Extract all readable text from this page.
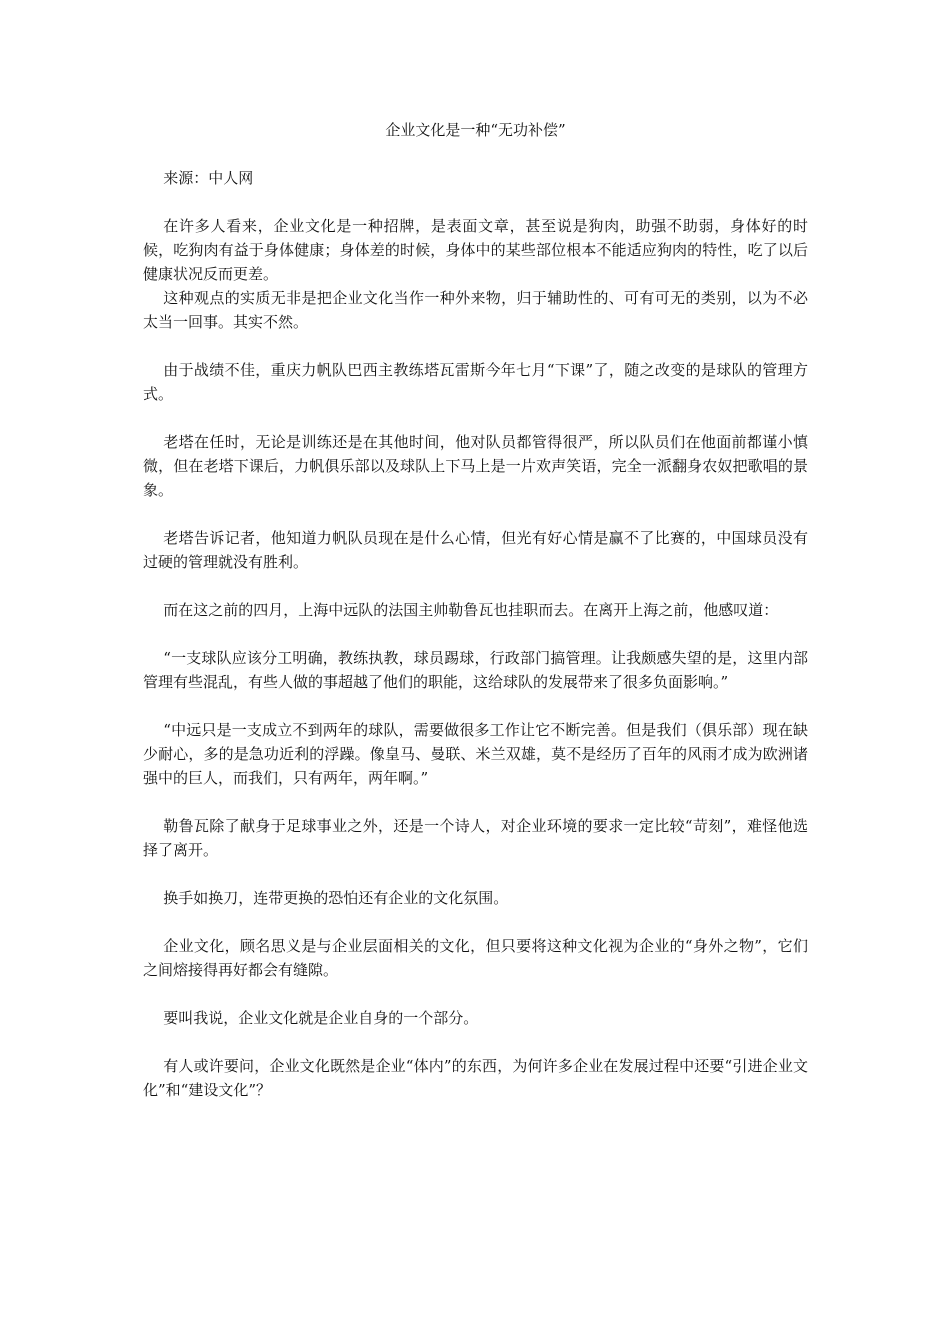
企业文化是一种“无功补偿”

来源：中人网

在许多人看来，企业文化是一种招牌，是表面文章，甚至说是狗肉，助强不助弱，身体好的时候，吃狗肉有益于身体健康；身体差的时候，身体中的某些部位根本不能适应狗肉的特性，吃了以后健康状况反而更差。

这种观点的实质无非是把企业文化当作一种外来物，归于辅助性的、可有可无的类别，以为不必太当一回事。其实不然。

由于战绩不佳，重庆力帆队巴西主教练塔瓦雷斯今年七月“下课”了，随之改变的是球队的管理方式。

老塔在任时，无论是训练还是在其他时间，他对队员都管得很严，所以队员们在他面前都谨小慎微，但在老塔下课后，力帆俱乐部以及球队上下马上是一片欢声笑语，完全一派翻身农奴把歌唱的景象。

老塔告诉记者，他知道力帆队员现在是什么心情，但光有好心情是赢不了比赛的，中国球员没有过硬的管理就没有胜利。

而在这之前的四月，上海中远队的法国主帅勒鲁瓦也挂职而去。在离开上海之前，他感叹道：

“一支球队应该分工明确，教练执教，球员踢球，行政部门搞管理。让我颇感失望的是，这里内部管理有些混乱，有些人做的事超越了他们的职能，这给球队的发展带来了很多负面影响。”

“中远只是一支成立不到两年的球队，需要做很多工作让它不断完善。但是我们（俱乐部）现在缺少耐心，多的是急功近利的浮躁。像皇马、曼联、米兰双雄，莫不是经历了百年的风雨才成为欧洲诸强中的巨人，而我们，只有两年，两年啊。”

勒鲁瓦除了献身于足球事业之外，还是一个诗人，对企业环境的要求一定比较“苛刻”，难怪他选择了离开。

换手如换刀，连带更换的恐怕还有企业的文化氛围。

企业文化，顾名思义是与企业层面相关的文化，但只要将这种文化视为企业的“身外之物”，它们之间熔接得再好都会有缝隙。

要叫我说，企业文化就是企业自身的一个部分。

有人或许要问，企业文化既然是企业“体内”的东西，为何许多企业在发展过程中还要“引进企业文化”和“建设文化”？
